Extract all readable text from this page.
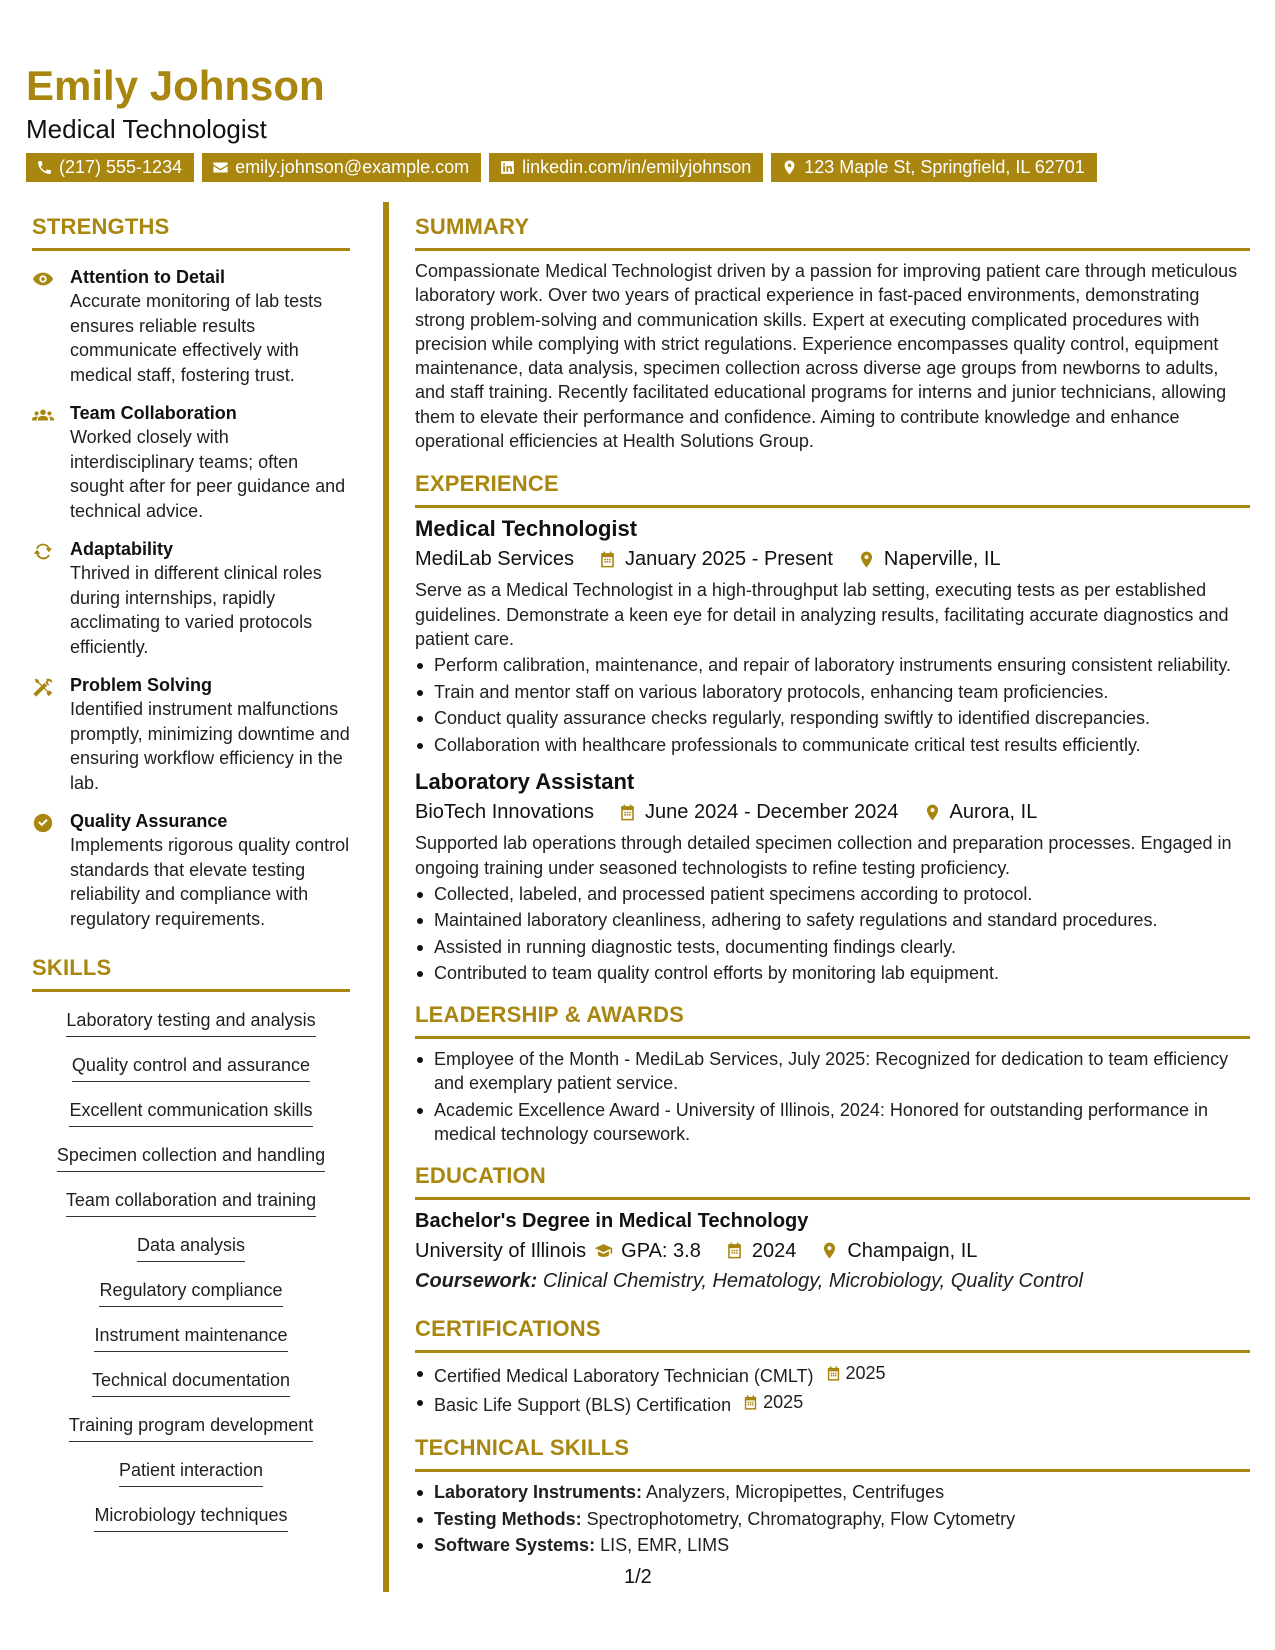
Emily Johnson
Medical Technologist
(217) 555-1234	emily.johnson@example.com	linkedin.com/in/emilyjohnson	123 Maple St, Springfield, IL 62701
STRENGTHS
Attention to Detail
Accurate monitoring of lab tests ensures reliable results communicate effectively with medical staff, fostering trust.
Team Collaboration
Worked closely with interdisciplinary teams; often sought after for peer guidance and technical advice.
Adaptability
Thrived in different clinical roles during internships, rapidly acclimating to varied protocols efficiently.
Problem Solving
Identified instrument malfunctions promptly, minimizing downtime and ensuring workflow efficiency in the lab.
Quality Assurance
Implements rigorous quality control standards that elevate testing reliability and compliance with regulatory requirements.
SKILLS
Laboratory testing and analysis
Quality control and assurance
Excellent communication skills
Specimen collection and handling
Team collaboration and training
Data analysis
Regulatory compliance
Instrument maintenance
Technical documentation
Training program development
Patient interaction
Microbiology techniques
SUMMARY
Compassionate Medical Technologist driven by a passion for improving patient care through meticulous laboratory work. Over two years of practical experience in fast-paced environments, demonstrating strong problem-solving and communication skills. Expert at executing complicated procedures with precision while complying with strict regulations. Experience encompasses quality control, equipment maintenance, data analysis, specimen collection across diverse age groups from newborns to adults, and staff training. Recently facilitated educational programs for interns and junior technicians, allowing them to elevate their performance and confidence. Aiming to contribute knowledge and enhance operational efficiencies at Health Solutions Group.
EXPERIENCE
Medical Technologist
MediLab Services	January 2025 - Present	Naperville, IL
Serve as a Medical Technologist in a high-throughput lab setting, executing tests as per established guidelines. Demonstrate a keen eye for detail in analyzing results, facilitating accurate diagnostics and patient care.
Perform calibration, maintenance, and repair of laboratory instruments ensuring consistent reliability.
Train and mentor staff on various laboratory protocols, enhancing team proficiencies.
Conduct quality assurance checks regularly, responding swiftly to identified discrepancies.
Collaboration with healthcare professionals to communicate critical test results efficiently.
Laboratory Assistant
BioTech Innovations	June 2024 - December 2024	Aurora, IL
Supported lab operations through detailed specimen collection and preparation processes. Engaged in ongoing training under seasoned technologists to refine testing proficiency.
Collected, labeled, and processed patient specimens according to protocol.
Maintained laboratory cleanliness, adhering to safety regulations and standard procedures.
Assisted in running diagnostic tests, documenting findings clearly.
Contributed to team quality control efforts by monitoring lab equipment.
LEADERSHIP & AWARDS
Employee of the Month - MediLab Services, July 2025: Recognized for dedication to team efficiency and exemplary patient service.
Academic Excellence Award - University of Illinois, 2024: Honored for outstanding performance in medical technology coursework.
EDUCATION
Bachelor's Degree in Medical Technology
University of Illinois GPA: 3.8	2024	Champaign, IL
Coursework: Clinical Chemistry, Hematology, Microbiology, Quality Control
CERTIFICATIONS
Certified Medical Laboratory Technician (CMLT) 2025
Basic Life Support (BLS) Certification 2025
TECHNICAL SKILLS
Laboratory Instruments: Analyzers, Micropipettes, Centrifuges
Testing Methods: Spectrophotometry, Chromatography, Flow Cytometry
Software Systems: LIS, EMR, LIMS
1/2
